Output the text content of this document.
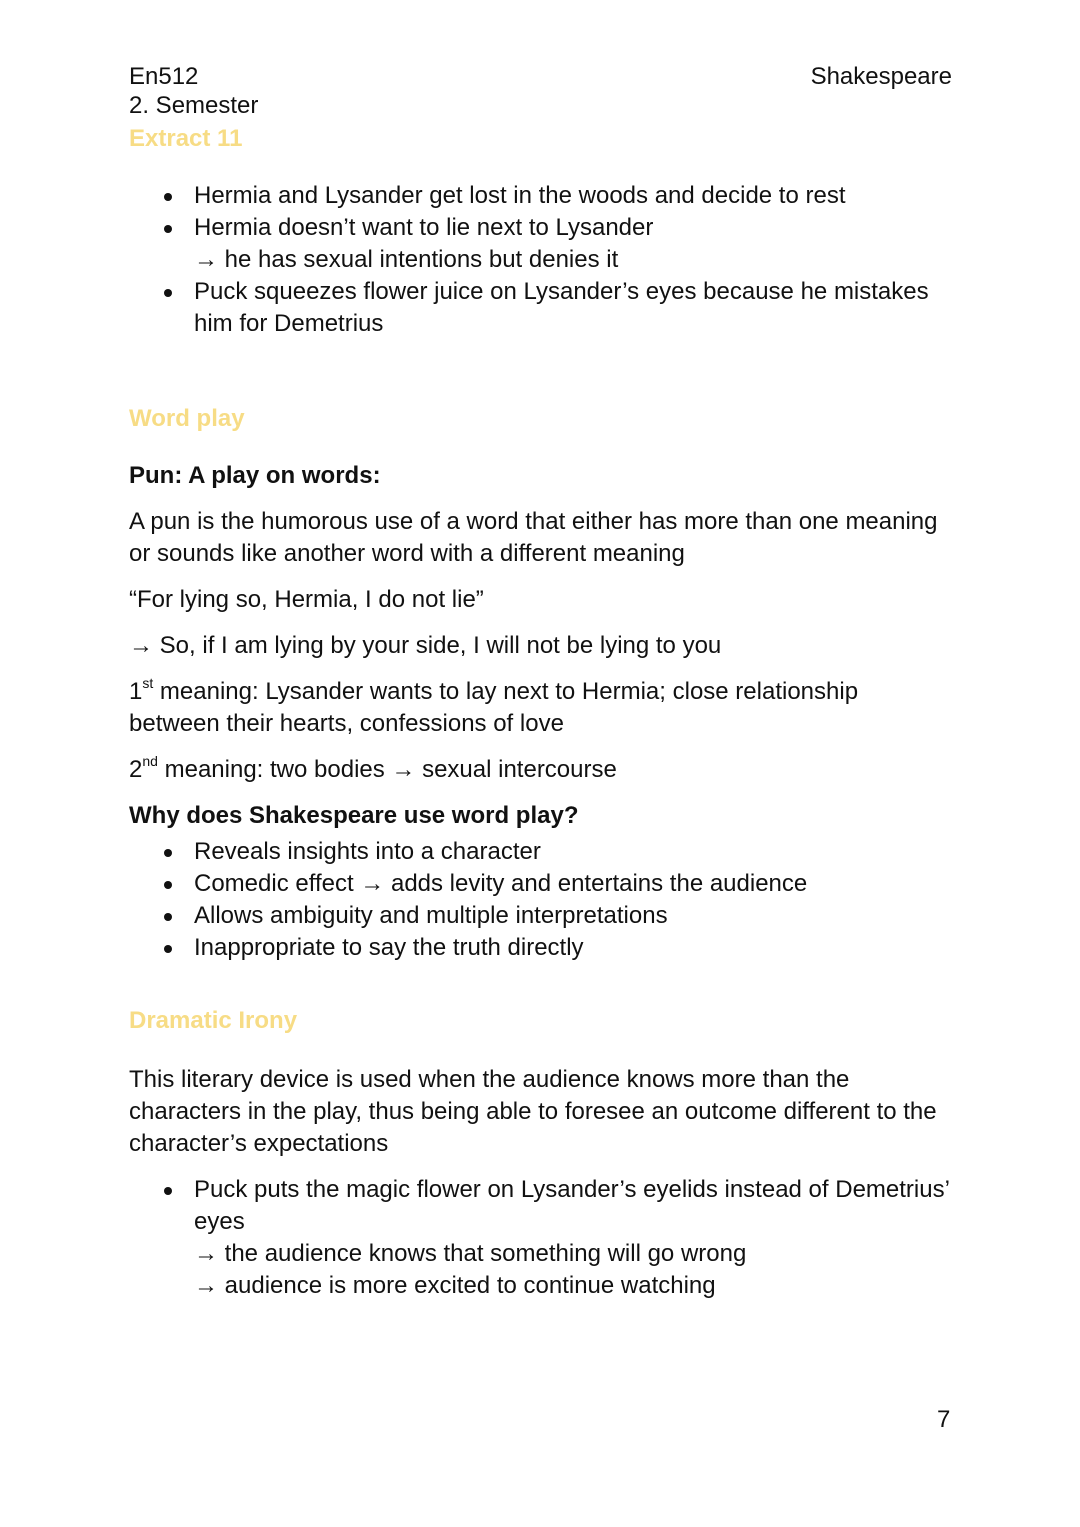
En512
2. Semester
Shakespeare
Extract 11
Hermia and Lysander get lost in the woods and decide to rest
Hermia doesn’t want to lie next to Lysander
→ he has sexual intentions but denies it
Puck squeezes flower juice on Lysander’s eyes because he mistakes him for Demetrius
Word play

Pun: A play on words:

A pun is the humorous use of a word that either has more than one meaning or sounds like another word with a different meaning

“For lying so, Hermia, I do not lie”

→ So, if I am lying by your side, I will not be lying to you

1st meaning: Lysander wants to lay next to Hermia; close relationship between their hearts, confessions of love

2nd meaning: two bodies → sexual intercourse

Why does Shakespeare use word play?

Reveals insights into a character
Comedic effect → adds levity and entertains the audience
Allows ambiguity and multiple interpretations
Inappropriate to say the truth directly
Dramatic Irony

This literary device is used when the audience knows more than the characters in the play, thus being able to foresee an outcome different to the character’s expectations

Puck puts the magic flower on Lysander’s eyelids instead of Demetrius’ eyes
→ the audience knows that something will go wrong
→ audience is more excited to continue watching
7
